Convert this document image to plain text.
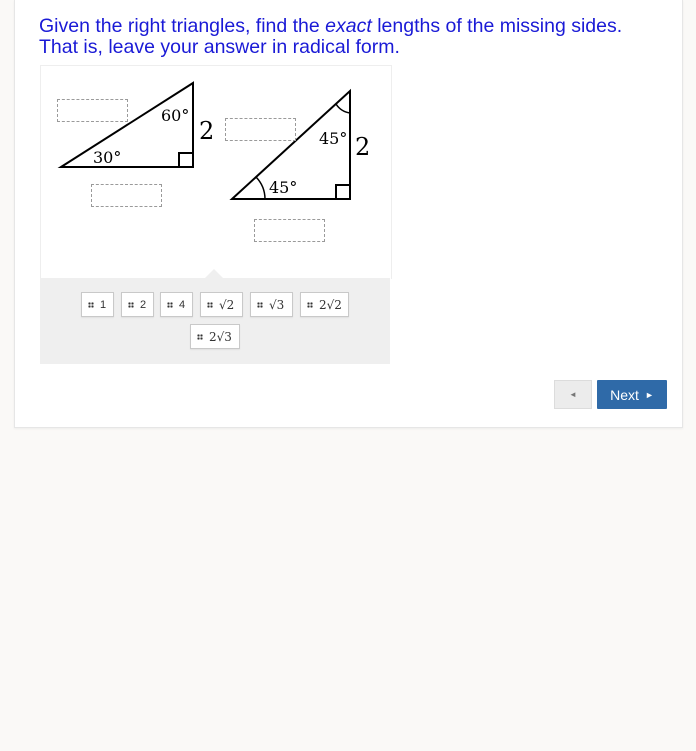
Given the right triangles, find the exact lengths of the missing sides.
That is, leave your answer in radical form.
60°
30°
2	45°
45°
2
1	2	4	√2	√3	2√2
2√3
◄ Next ►
